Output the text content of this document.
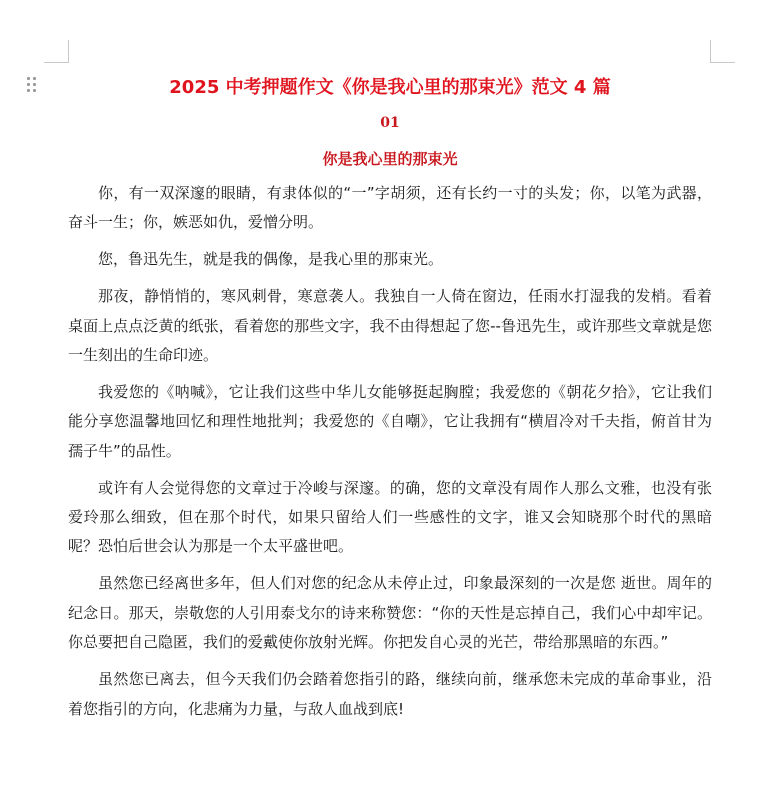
2025 中考押题作文《你是我心里的那束光》范文 4 篇
01
你是我心里的那束光

你，有一双深邃的眼睛，有隶体似的“一”字胡须，还有长约一寸的头发；你，以笔为武器，奋斗一生；你，嫉恶如仇，爱憎分明。

您，鲁迅先生，就是我的偶像，是我心里的那束光。

那夜，静悄悄的，寒风刺骨，寒意袭人。我独自一人倚在窗边，任雨水打湿我的发梢。看着桌面上点点泛黄的纸张，看着您的那些文字，我不由得想起了您--鲁迅先生，或许那些文章就是您一生刻出的生命印迹。

我爱您的《呐喊》，它让我们这些中华儿女能够挺起胸膛；我爱您的《朝花夕拾》，它让我们能分享您温馨地回忆和理性地批判；我爱您的《自嘲》，它让我拥有“横眉冷对千夫指，俯首甘为孺子牛”的品性。

或许有人会觉得您的文章过于冷峻与深邃。的确，您的文章没有周作人那么文雅，也没有张爱玲那么细致，但在那个时代，如果只留给人们一些感性的文字，谁又会知晓那个时代的黑暗呢？恐怕后世会认为那是一个太平盛世吧。

虽然您已经离世多年，但人们对您的纪念从未停止过，印象最深刻的一次是您 逝世。周年的纪念日。那天，崇敬您的人引用泰戈尔的诗来称赞您：“你的天性是忘掉自己，我们心中却牢记。你总要把自己隐匿，我们的爱戴使你放射光辉。你把发自心灵的光芒，带给那黑暗的东西。”

虽然您已离去，但今天我们仍会踏着您指引的路，继续向前，继承您未完成的革命事业，沿着您指引的方向，化悲痛为力量，与敌人血战到底!
